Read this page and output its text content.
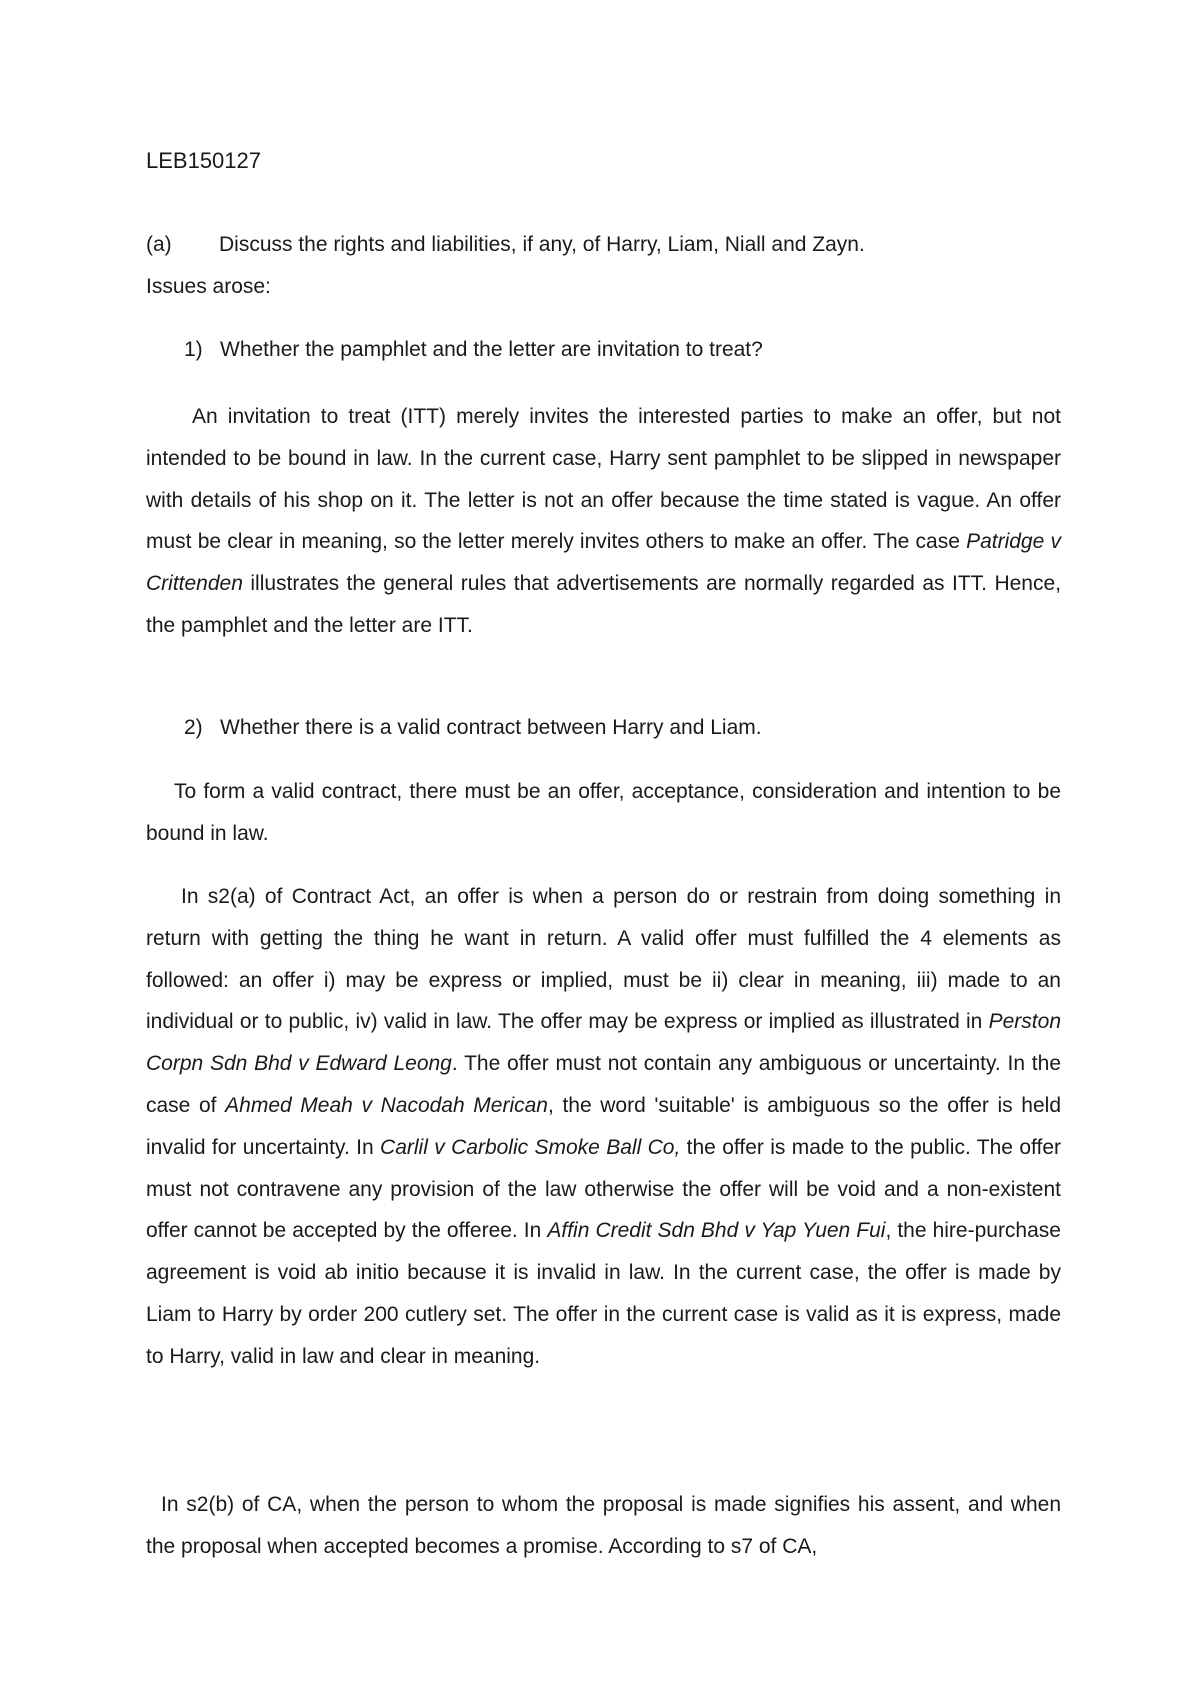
LEB150127
(a) Discuss the rights and liabilities, if any, of Harry, Liam, Niall and Zayn.
Issues arose:
1) Whether the pamphlet and the letter are invitation to treat?

An invitation to treat (ITT) merely invites the interested parties to make an offer, but not intended to be bound in law. In the current case, Harry sent pamphlet to be slipped in newspaper with details of his shop on it. The letter is not an offer because the time stated is vague. An offer must be clear in meaning, so the letter merely invites others to make an offer. The case Patridge v Crittenden illustrates the general rules that advertisements are normally regarded as ITT. Hence, the pamphlet and the letter are ITT.

2) Whether there is a valid contract between Harry and Liam.

To form a valid contract, there must be an offer, acceptance, consideration and intention to be bound in law.

In s2(a) of Contract Act, an offer is when a person do or restrain from doing something in return with getting the thing he want in return. A valid offer must fulfilled the 4 elements as followed: an offer i) may be express or implied, must be ii) clear in meaning, iii) made to an individual or to public, iv) valid in law. The offer may be express or implied as illustrated in Perston Corpn Sdn Bhd v Edward Leong. The offer must not contain any ambiguous or uncertainty. In the case of Ahmed Meah v Nacodah Merican, the word 'suitable' is ambiguous so the offer is held invalid for uncertainty. In Carlil v Carbolic Smoke Ball Co, the offer is made to the public. The offer must not contravene any provision of the law otherwise the offer will be void and a non-existent offer cannot be accepted by the offeree. In Affin Credit Sdn Bhd v Yap Yuen Fui, the hire-purchase agreement is void ab initio because it is invalid in law. In the current case, the offer is made by Liam to Harry by order 200 cutlery set. The offer in the current case is valid as it is express, made to Harry, valid in law and clear in meaning.

In s2(b) of CA, when the person to whom the proposal is made signifies his assent, and when the proposal when accepted becomes a promise. According to s7 of CA,
